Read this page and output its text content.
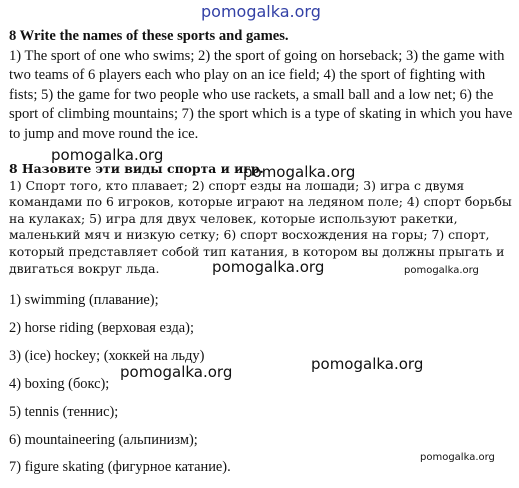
pomogalka.org
8 Write the names of these sports and games.
1) The sport of one who swims; 2) the sport of going on horseback; 3) the game with two teams of 6 players each who play on an ice field; 4) the sport of fighting with fists; 5) the game for two people who use rackets, a small ball and a low net; 6) the sport of climbing mountains; 7) the sport which is a type of skating in which you have to jump and move round the ice.
8 Назовите эти виды спорта и игр.
1) Спорт того, кто плавает; 2) спорт езды на лошади; 3) игра с двумя командами по 6 игроков, которые играют на ледяном поле; 4) спорт борьбы на кулаках; 5) игра для двух человек, которые используют ракетки, маленький мяч и низкую сетку; 6) спорт восхождения на горы; 7) спорт, который представляет собой тип катания, в котором вы должны прыгать и двигаться вокруг льда.
pomogalka.org
pomogalka.org
pomogalka.org	pomogalka.org
pomogalka.org
pomogalka.org
pomogalka.org
1) swimming (плавание);
2) horse riding (верховая езда);
3) (ice) hockey; (хоккей на льду)
4) boxing (бокс);
5) tennis (теннис);
6) mountaineering (альпинизм);
7) figure skating (фигурное катание).
